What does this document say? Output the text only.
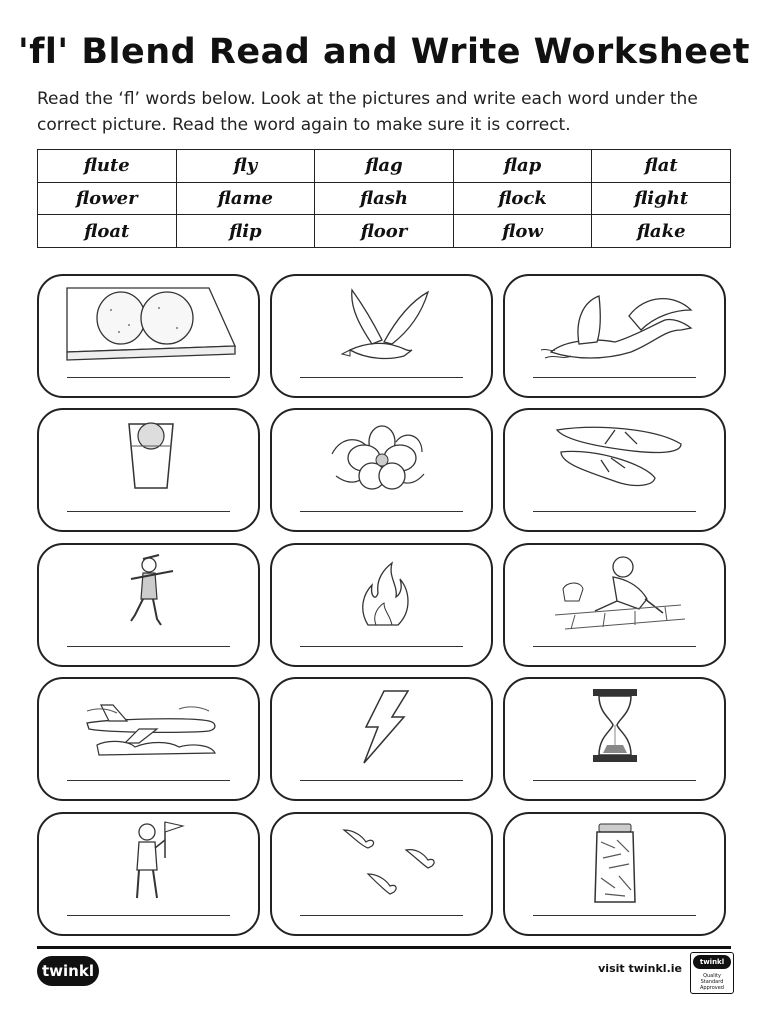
'fl' Blend Read and Write Worksheet
Read the ‘fl’ words below. Look at the pictures and write each word under the correct picture. Read the word again to make sure it is correct.
flute	fly	flag	flap	flat
flower	flame	flash	flock	flight
float	flip	floor	flow	flake
twinkl	visit twinkl.ie	twinkl
Quality Standard Approved
